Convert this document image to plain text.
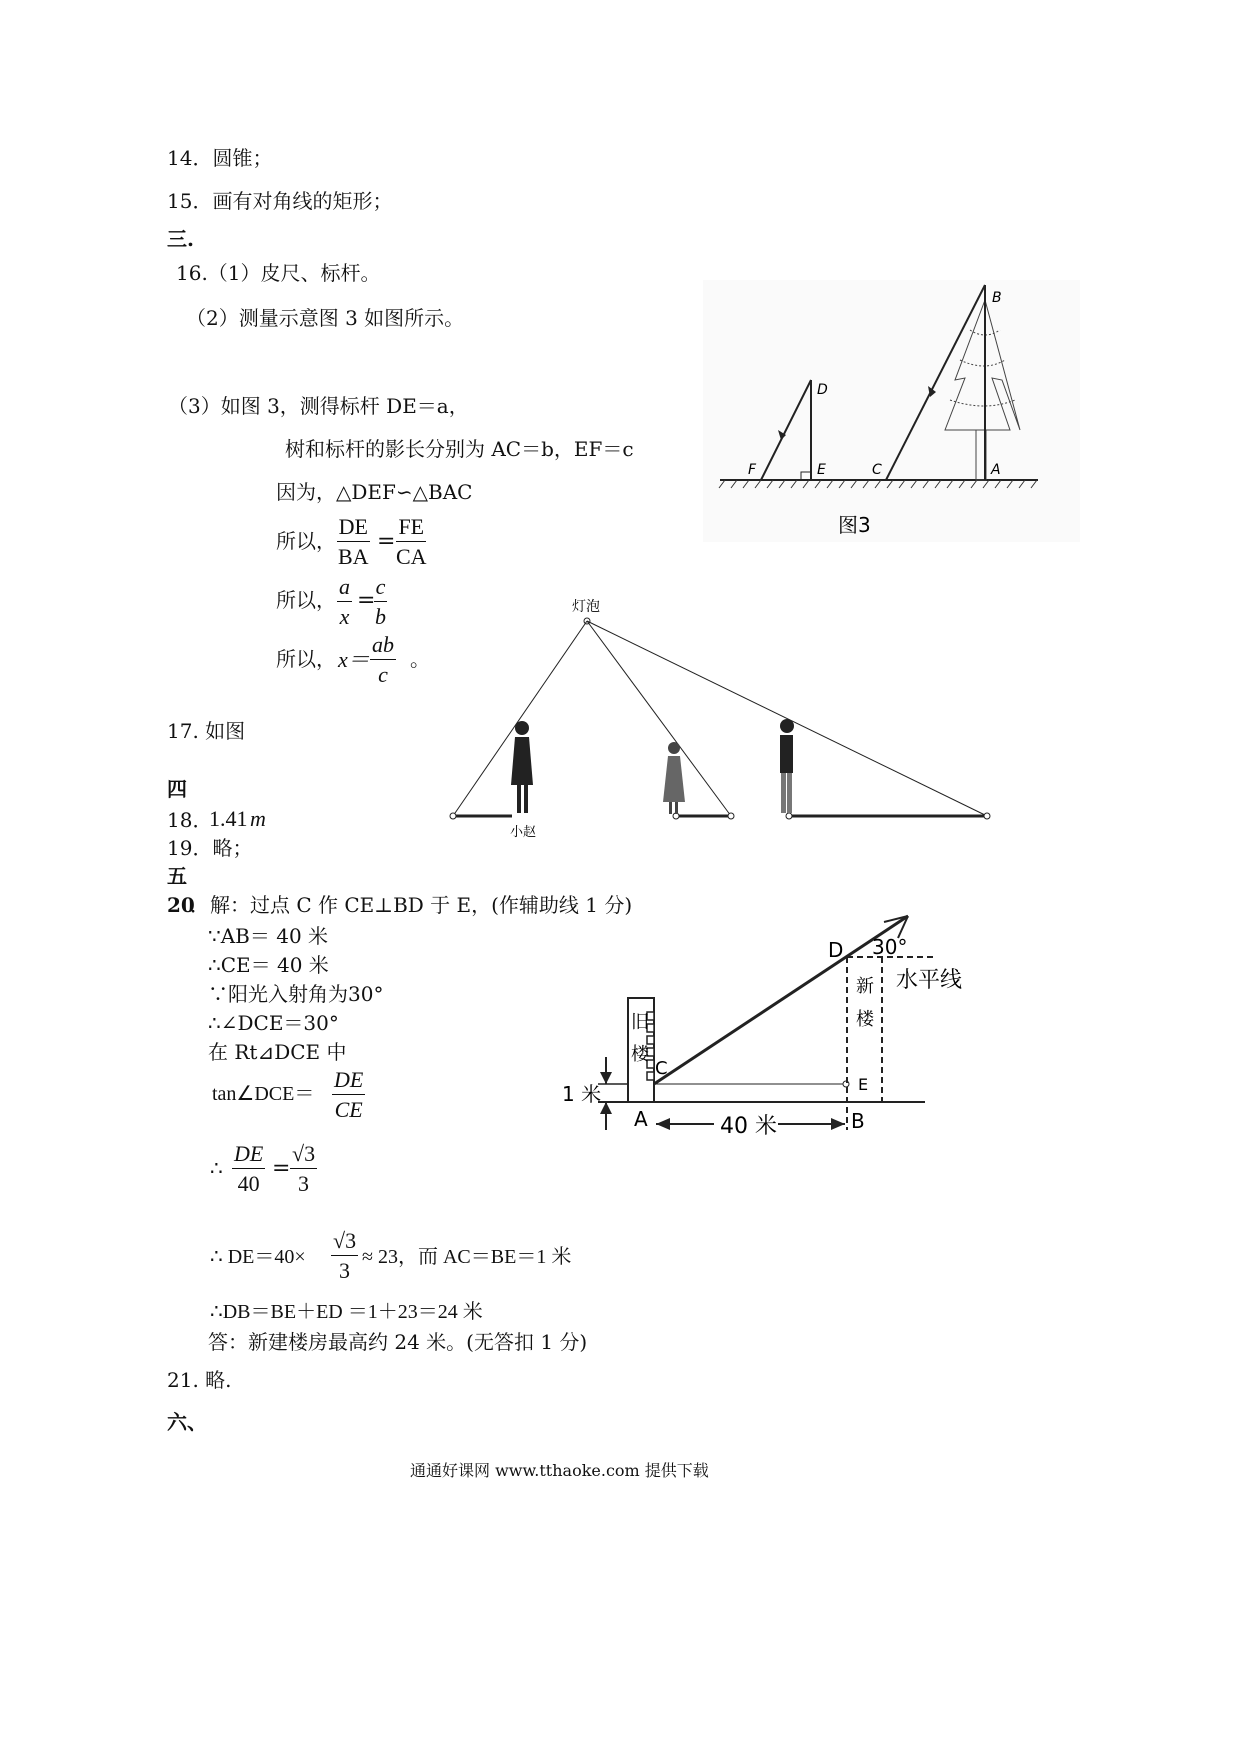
14．圆锥；
15．画有对角线的矩形；
三.
16.（1）皮尺、标杆。
（2）测量示意图 3 如图所示。
（3）如图 3，测得标杆 DE＝a，
树和标杆的影长分别为 AC＝b，EF＝c
因为，△DEF∽△BAC
所以， $\frac{DE}{BA}$ =
$\frac{FE}{CA}$
所以， $\frac{a}{x}$ =
$\frac{c}{b}$
所以， $x= \frac{ab}{c}$ 。
17. 如图
四
18．
1.41 m
19．略；
五
20
．解：过点 C 作 CE⊥BD 于 E，(作辅助线 1 分)
∵AB＝ 40 米
∴CE＝ 40 米
∵阳光入射角为30°
∴∠DCE＝30°
在 Rt⊿DCE 中
tan∠DCE＝ $\frac{DE}{CE}$
∴ $\frac{DE}{40} = \frac{√3}{3}$
∴ $DE=40\times \frac{√3}{3} \approx 23$，而 AC＝BE＝1 米
∴DB＝BE＋ED ＝1＋23＝24 米
答：新建楼房最高约 24 米。(无答扣 1 分)
21. 略.
六、
B
D
F	E	C	A
图3
灯泡
小赵
旧
楼
C
E
D 30°
水平线
新
楼
A	B
40 米
1 米
通通好课网 www.tthaoke.com 提供下载
